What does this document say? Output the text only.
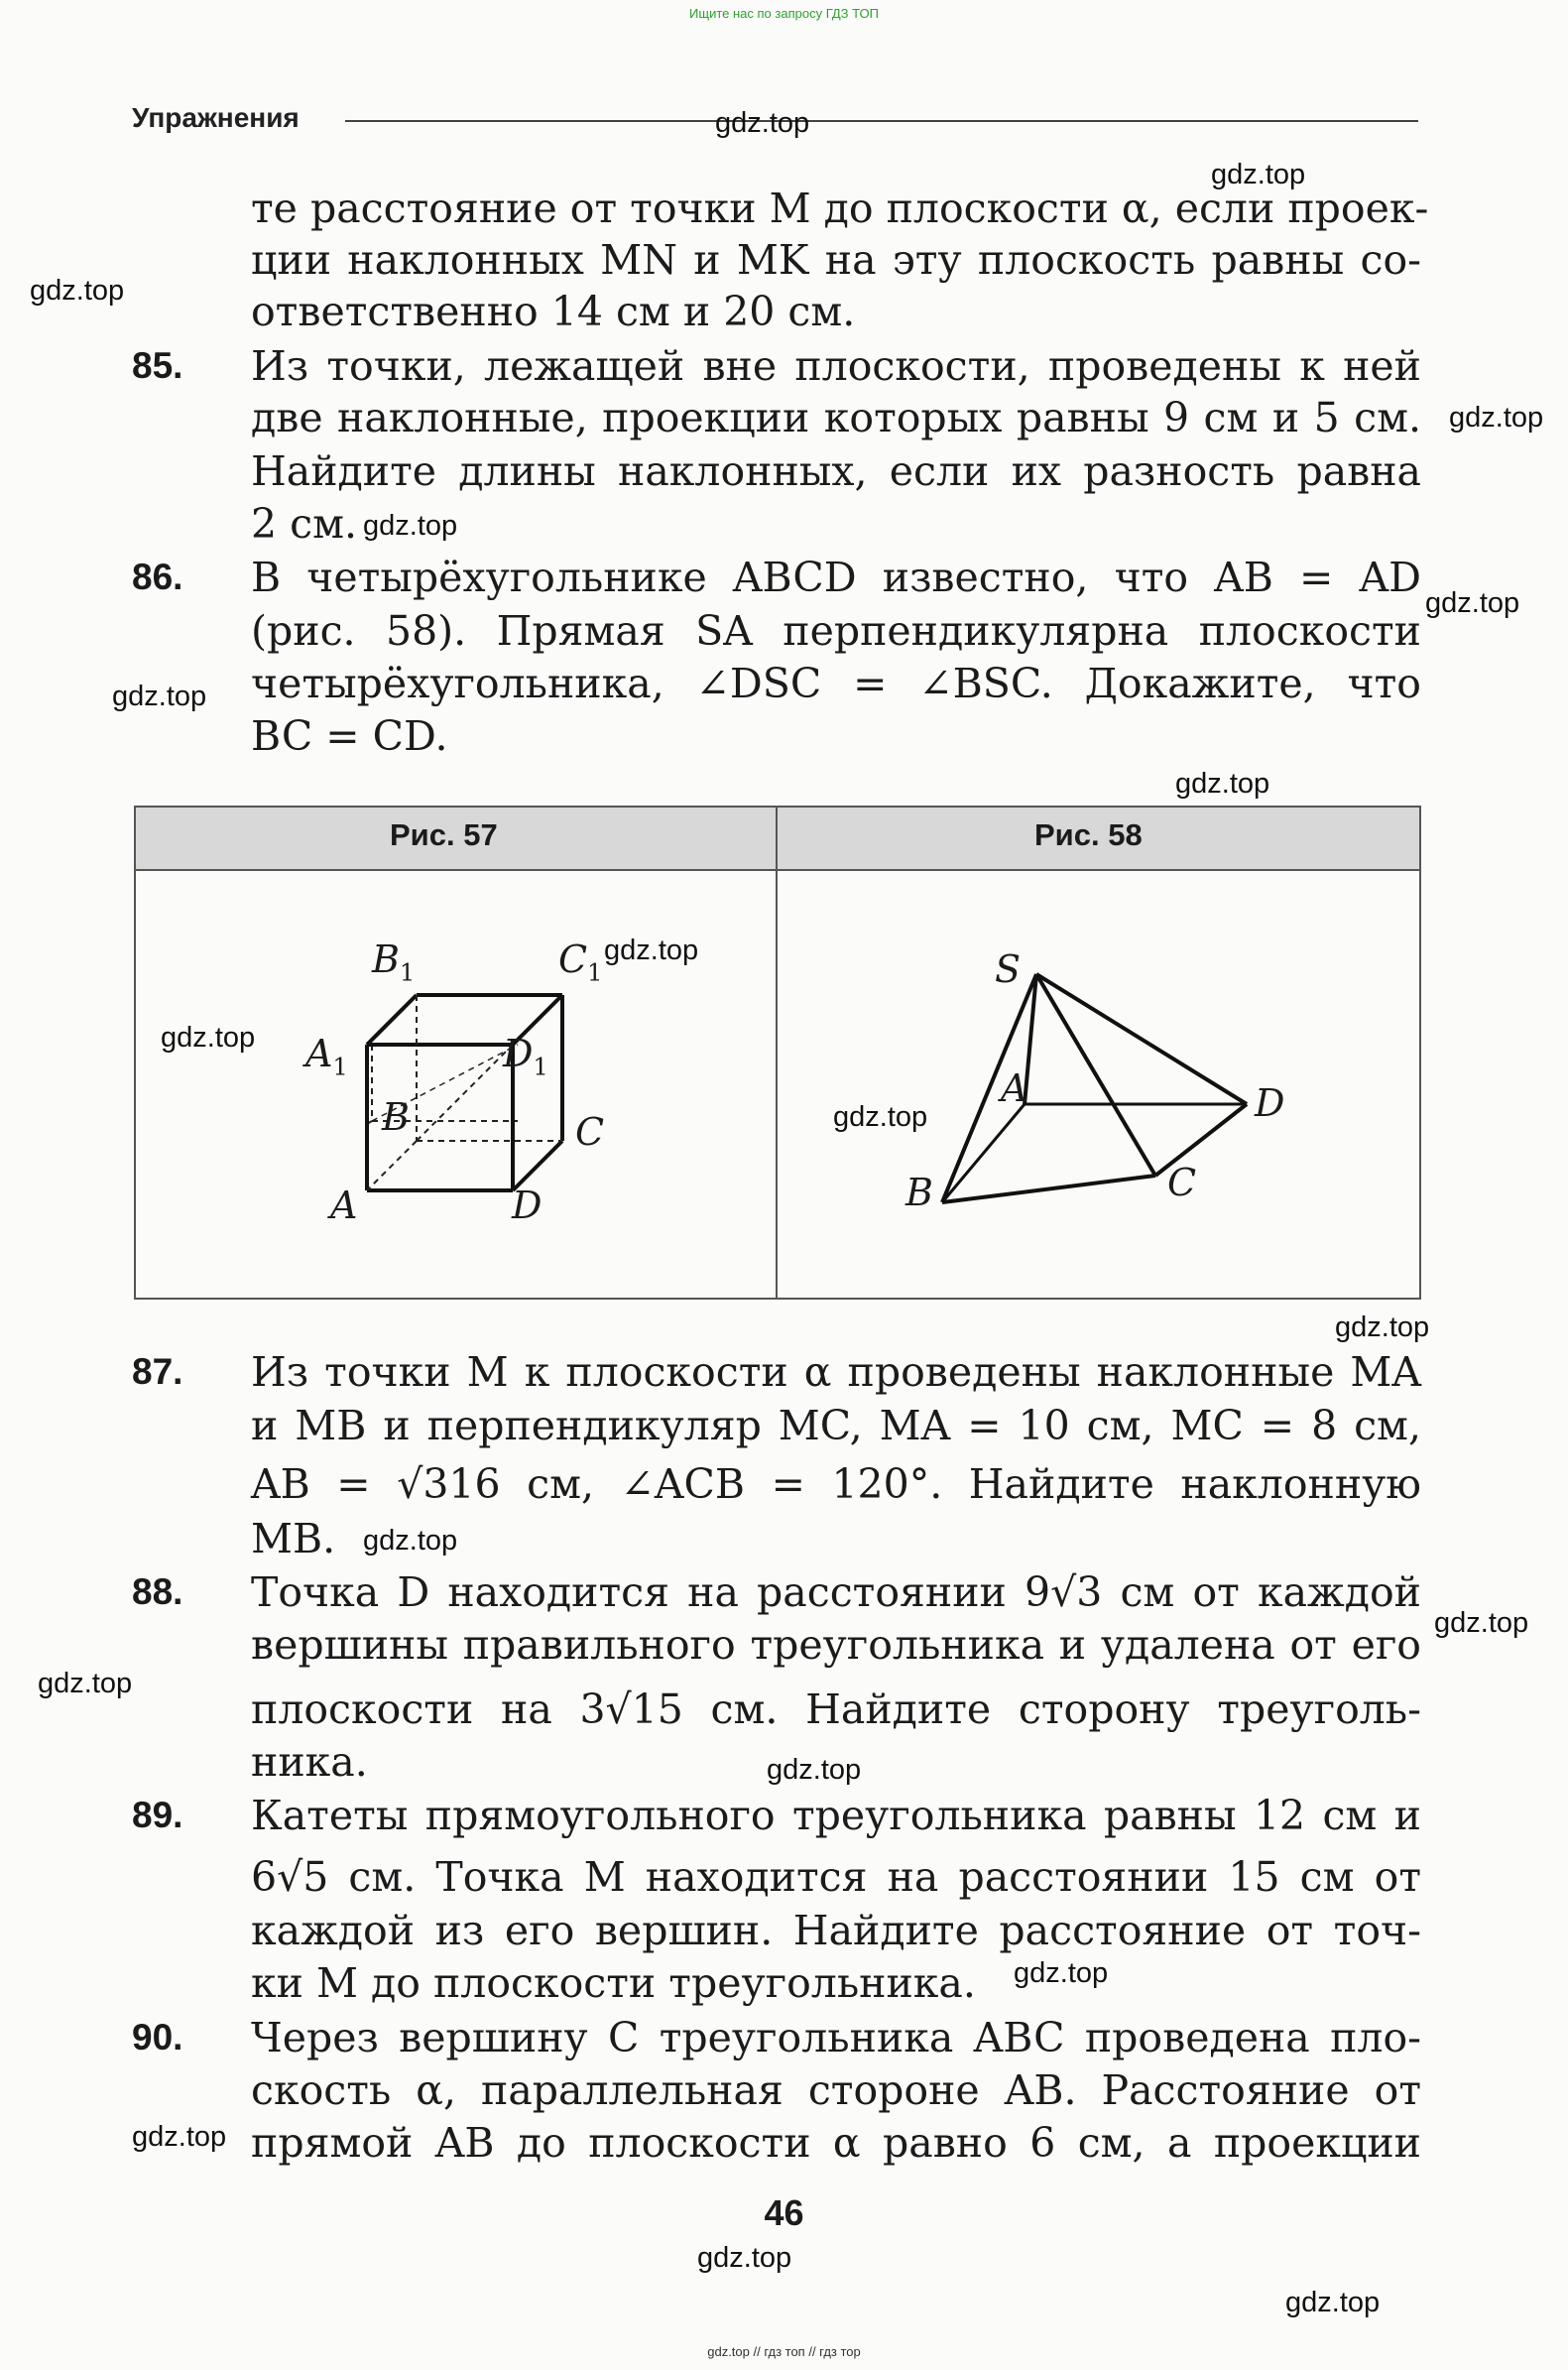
Ищите нас по запросу ГДЗ ТОП
Упражнения
те расстояние от точки M до плоскости α, если проек-
ции наклонных MN и MK на эту плоскость равны со-
ответственно 14 см и 20 см.
85. Из точки, лежащей вне плоскости, проведены к ней
две наклонные, проекции которых равны 9 см и 5 см.
Найдите длины наклонных, если их разность равна
2 см.
86. В четырёхугольнике ABCD известно, что AB = AD
(рис. 58). Прямая SA перпендикулярна плоскости
четырёхугольника, ∠DSC = ∠BSC. Докажите, что
BC = CD.
Рис. 57	Рис. 58
$B_1$	$C_1$
$A_1$	$D_1$
B	C
A	D
S
A	D
B	C
87. Из точки M к плоскости α проведены наклонные MA
и MB и перпендикуляр MC, MA = 10 см, MC = 8 см,
AB = √316 см, ∠ACB = 120°. Найдите наклонную
MB.
88. Точка D находится на расстоянии 9√3 см от каждой
вершины правильного треугольника и удалена от его
плоскости на 3√15 см. Найдите сторону треуголь-
ника.
89. Катеты прямоугольного треугольника равны 12 см и
6√5 см. Точка M находится на расстоянии 15 см от
каждой из его вершин. Найдите расстояние от точ-
ки M до плоскости треугольника.
90. Через вершину C треугольника ABC проведена пло-
скость α, параллельная стороне AB. Расстояние от
прямой AB до плоскости α равно 6 см, а проекции
46
gdz.top // гдз топ // гдз тор
gdz.top
gdz.top
gdz.top
gdz.top
gdz.top
gdz.top
gdz.top
gdz.top
gdz.top
gdz.top
gdz.top
gdz.top
gdz.top
gdz.top
gdz.top
gdz.top
gdz.top
gdz.top
gdz.top
gdz.top
